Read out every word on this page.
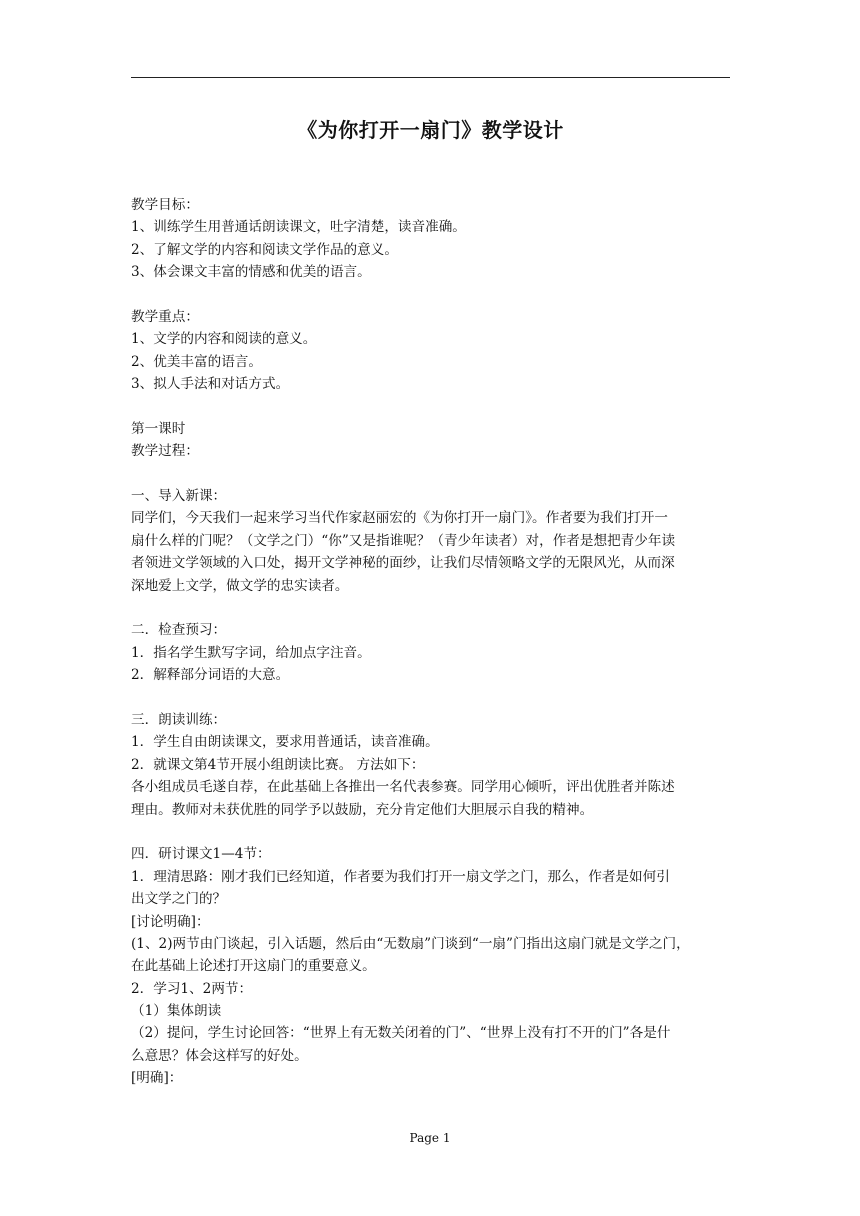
《为你打开一扇门》教学设计
教学目标：
1、训练学生用普通话朗读课文，吐字清楚，读音准确。
2、了解文学的内容和阅读文学作品的意义。
3、体会课文丰富的情感和优美的语言。
教学重点：
1、文学的内容和阅读的意义。
2、优美丰富的语言。
3、拟人手法和对话方式。
第一课时
教学过程：
一、导入新课：
同学们，今天我们一起来学习当代作家赵丽宏的《为你打开一扇门》。作者要为我们打开一
扇什么样的门呢？（文学之门）“你”又是指谁呢？（青少年读者）对，作者是想把青少年读
者领进文学领域的入口处，揭开文学神秘的面纱，让我们尽情领略文学的无限风光，从而深
深地爱上文学，做文学的忠实读者。
二．检查预习：
1．指名学生默写字词，给加点字注音。
2．解释部分词语的大意。
三．朗读训练：
1．学生自由朗读课文，要求用普通话，读音准确。
2．就课文第4节开展小组朗读比赛。 方法如下：
各小组成员毛遂自荐，在此基础上各推出一名代表参赛。同学用心倾听，评出优胜者并陈述
理由。教师对未获优胜的同学予以鼓励，充分肯定他们大胆展示自我的精神。
四．研讨课文1—4节：
1．理清思路：刚才我们已经知道，作者要为我们打开一扇文学之门，那么，作者是如何引
出文学之门的？
[讨论明确]：
(1、2)两节由门谈起，引入话题，然后由“无数扇”门谈到“一扇”门指出这扇门就是文学之门，
在此基础上论述打开这扇门的重要意义。
2．学习1、2两节：
（1）集体朗读
（2）提问，学生讨论回答：“世界上有无数关闭着的门”、“世界上没有打不开的门”各是什
么意思？体会这样写的好处。
[明确]：
Page 1
